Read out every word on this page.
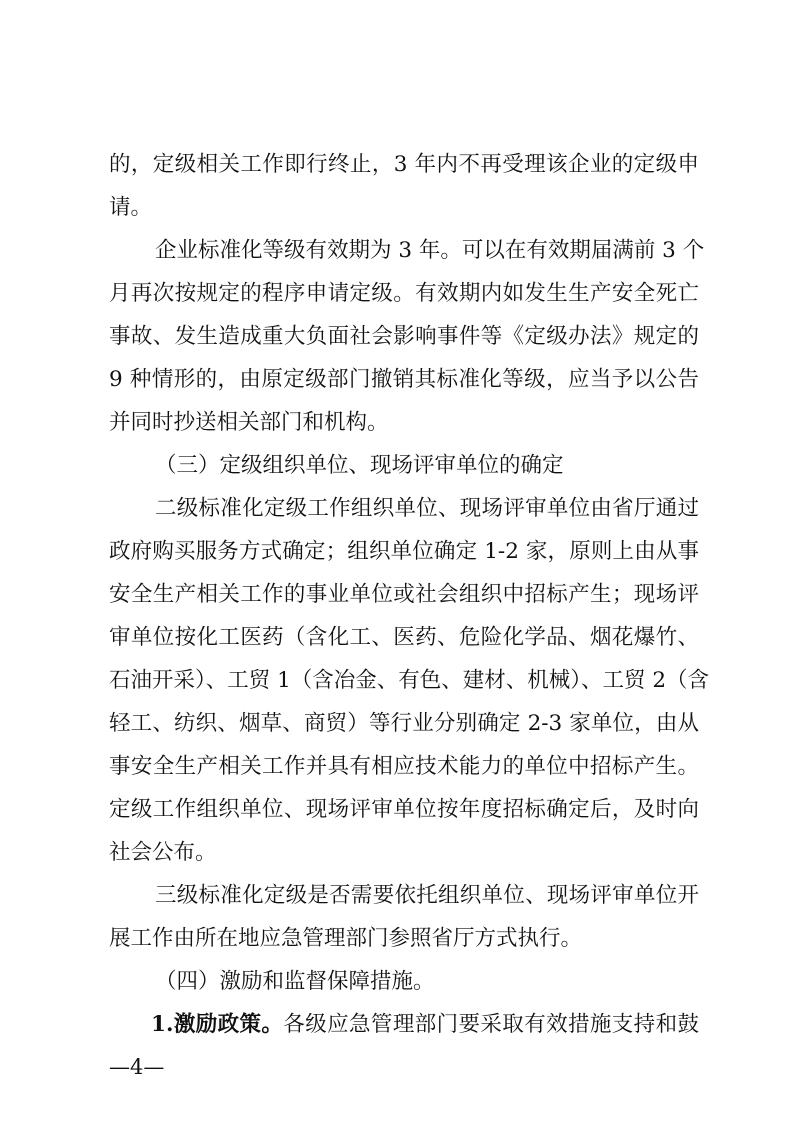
的，定级相关工作即行终止，3 年内不再受理该企业的定级申
请。
企业标准化等级有效期为 3 年。可以在有效期届满前 3 个
月再次按规定的程序申请定级。有效期内如发生生产安全死亡
事故、发生造成重大负面社会影响事件等《定级办法》规定的
9 种情形的，由原定级部门撤销其标准化等级，应当予以公告
并同时抄送相关部门和机构。
（三）定级组织单位、现场评审单位的确定
二级标准化定级工作组织单位、现场评审单位由省厅通过
政府购买服务方式确定；组织单位确定 1-2 家，原则上由从事
安全生产相关工作的事业单位或社会组织中招标产生；现场评
审单位按化工医药（含化工、医药、危险化学品、烟花爆竹、
石油开采）、工贸 1（含冶金、有色、建材、机械）、工贸 2（含
轻工、纺织、烟草、商贸）等行业分别确定 2-3 家单位，由从
事安全生产相关工作并具有相应技术能力的单位中招标产生。
定级工作组织单位、现场评审单位按年度招标确定后，及时向
社会公布。
三级标准化定级是否需要依托组织单位、现场评审单位开
展工作由所在地应急管理部门参照省厅方式执行。
（四）激励和监督保障措施。
1.激励政策。各级应急管理部门要采取有效措施支持和鼓
—4—
